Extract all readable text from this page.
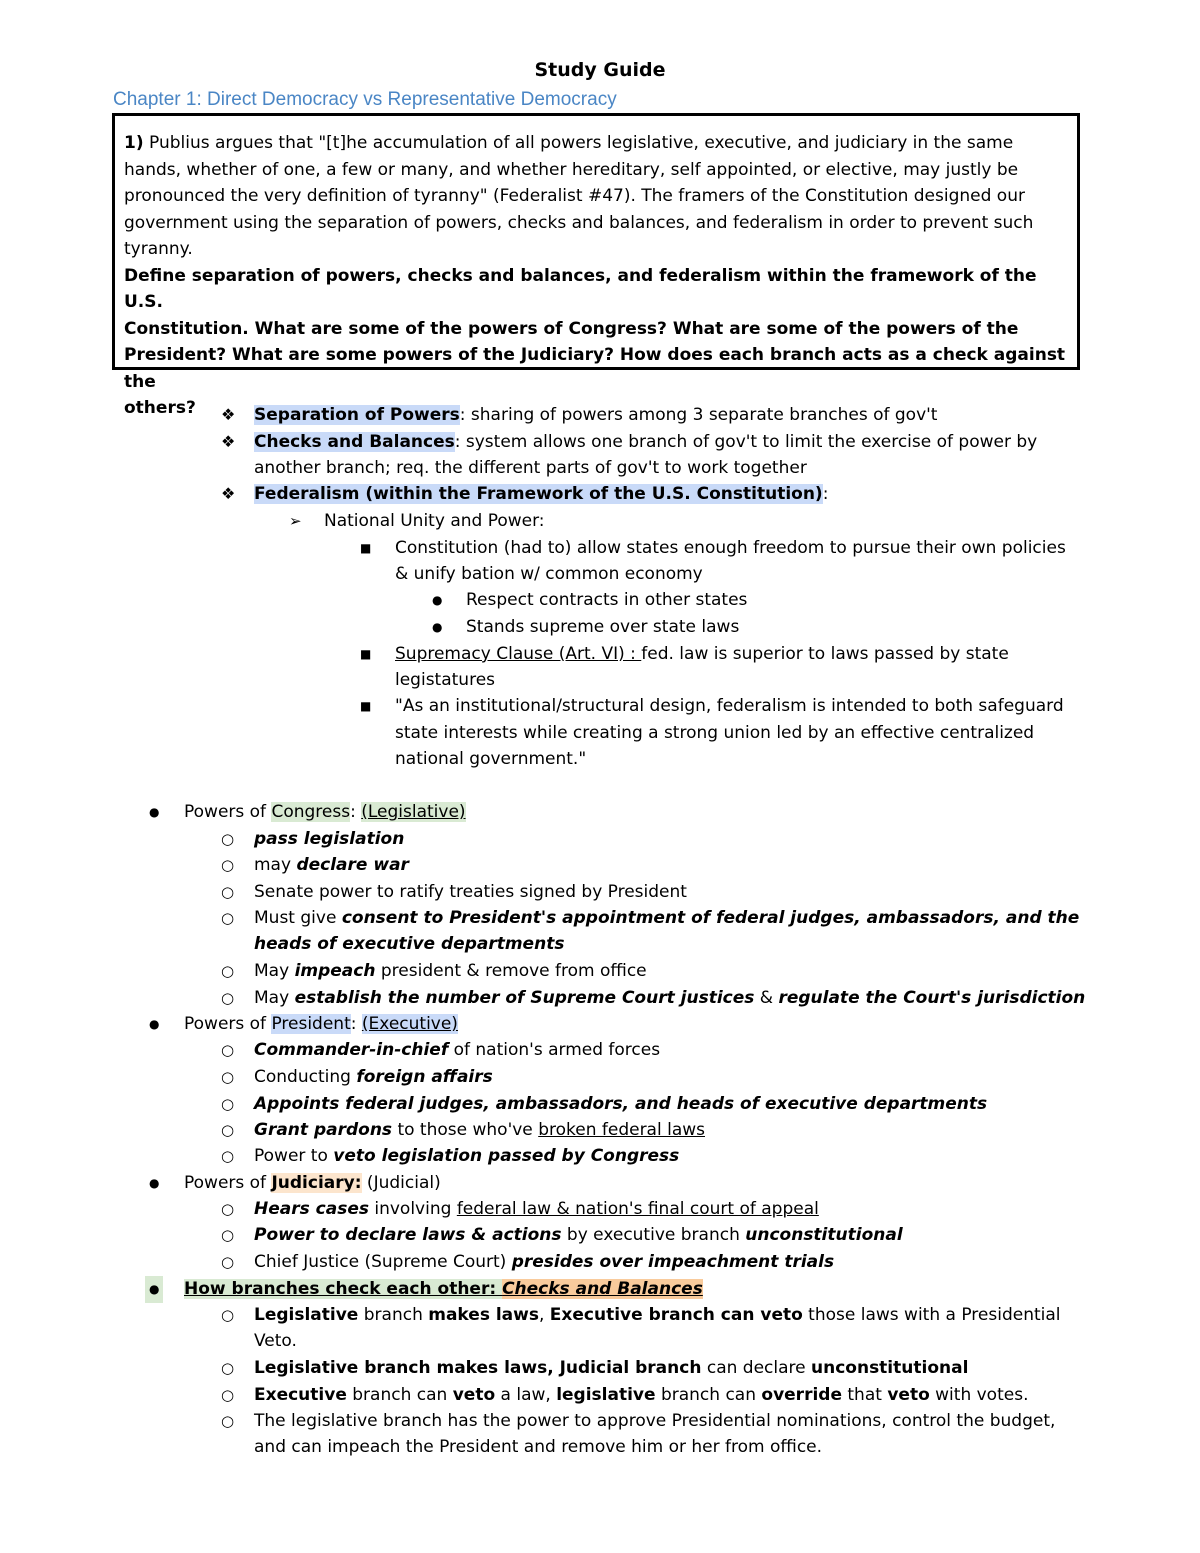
Study Guide
Chapter 1: Direct Democracy vs Representative Democracy

1) Publius argues that "[t]he accumulation of all powers legislative, executive, and judiciary in the same

hands, whether of one, a few or many, and whether hereditary, self appointed, or elective, may justly be

pronounced the very definition of tyranny" (Federalist #47). The framers of the Constitution designed our

government using the separation of powers, checks and balances, and federalism in order to prevent such

tyranny.

Define separation of powers, checks and balances, and federalism within the framework of the U.S.

Constitution. What are some of the powers of Congress? What are some of the powers of the

President? What are some powers of the Judiciary? How does each branch acts as a check against the

others?	❖ Separation of Powers: sharing of powers among 3 separate branches of gov't
❖ Checks and Balances: system allows one branch of gov't to limit the exercise of power by
another branch; req. the different parts of gov't to work together
❖ Federalism (within the Framework of the U.S. Constitution):
➢ National Unity and Power:
■ Constitution (had to) allow states enough freedom to pursue their own policies
& unify bation w/ common economy
● Respect contracts in other states
● Stands supreme over state laws
■ Supremacy Clause (Art. VI) : fed. law is superior to laws passed by state
legistatures
■ "As an institutional/structural design, federalism is intended to both safeguard
state interests while creating a strong union led by an effective centralized
national government."
● Powers of Congress: (Legislative)
○ pass legislation
○ may declare war
○ Senate power to ratify treaties signed by President
○ Must give consent to President's appointment of federal judges, ambassadors, and the
heads of executive departments
○ May impeach president & remove from office
○ May establish the number of Supreme Court justices & regulate the Court's jurisdiction
● Powers of President: (Executive)
○ Commander-in-chief of nation's armed forces
○ Conducting foreign affairs
○ Appoints federal judges, ambassadors, and heads of executive departments
○ Grant pardons to those who've broken federal laws
○ Power to veto legislation passed by Congress
● Powers of Judiciary: (Judicial)
○ Hears cases involving federal law & nation's final court of appeal
○ Power to declare laws & actions by executive branch unconstitutional
○ Chief Justice (Supreme Court) presides over impeachment trials
● How branches check each other: Checks and Balances
○ Legislative branch makes laws, Executive branch can veto those laws with a Presidential
Veto.
○ Legislative branch makes laws, Judicial branch can declare unconstitutional
○ Executive branch can veto a law, legislative branch can override that veto with votes.
○ The legislative branch has the power to approve Presidential nominations, control the budget,
and can impeach the President and remove him or her from office.
